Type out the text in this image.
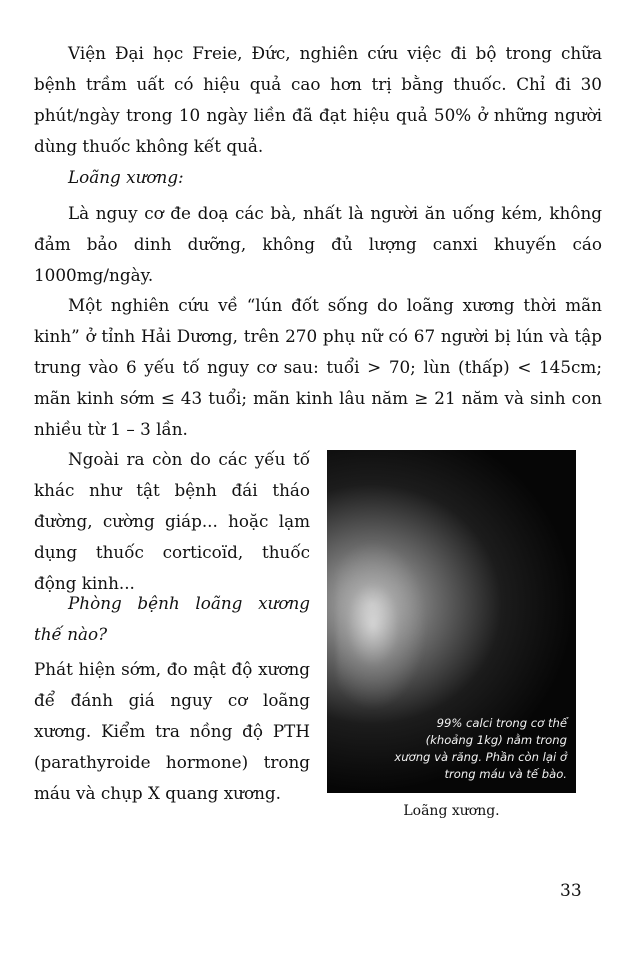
Viện Đại học Freie, Đức, nghiên cứu việc đi bộ trong chữa bệnh trầm uất có hiệu quả cao hơn trị bằng thuốc. Chỉ đi 30 phút/ngày trong 10 ngày liền đã đạt hiệu quả 50% ở những người dùng thuốc không kết quả.

Loãng xương:

Là nguy cơ đe doạ các bà, nhất là người ăn uống kém, không đảm bảo dinh dưỡng, không đủ lượng canxi khuyến cáo 1000mg/ngày.

Một nghiên cứu về “lún đốt sống do loãng xương thời mãn kinh” ở tỉnh Hải Dương, trên 270 phụ nữ có 67 người bị lún và tập trung vào 6 yếu tố nguy cơ sau: tuổi > 70; lùn (thấp) < 145cm; mãn kinh sớm ≤ 43 tuổi; mãn kinh lâu năm ≥ 21 năm và sinh con nhiều từ 1 – 3 lần.

Ngoài ra còn do các yếu tố khác như tật bệnh đái tháo đường, cường giáp... hoặc lạm dụng thuốc corticoïd, thuốc động kinh...

Phòng bệnh loãng xương thế nào?

Phát hiện sớm, đo mật độ xương để đánh giá nguy cơ loãng xương. Kiểm tra nồng độ PTH (parathyroide hormone) trong máu và chụp X quang xương.

99% calci trong cơ thể (khoảng 1kg) nằm trong xương và răng. Phần còn lại ở trong máu và tế bào.
Loãng xương.
33
